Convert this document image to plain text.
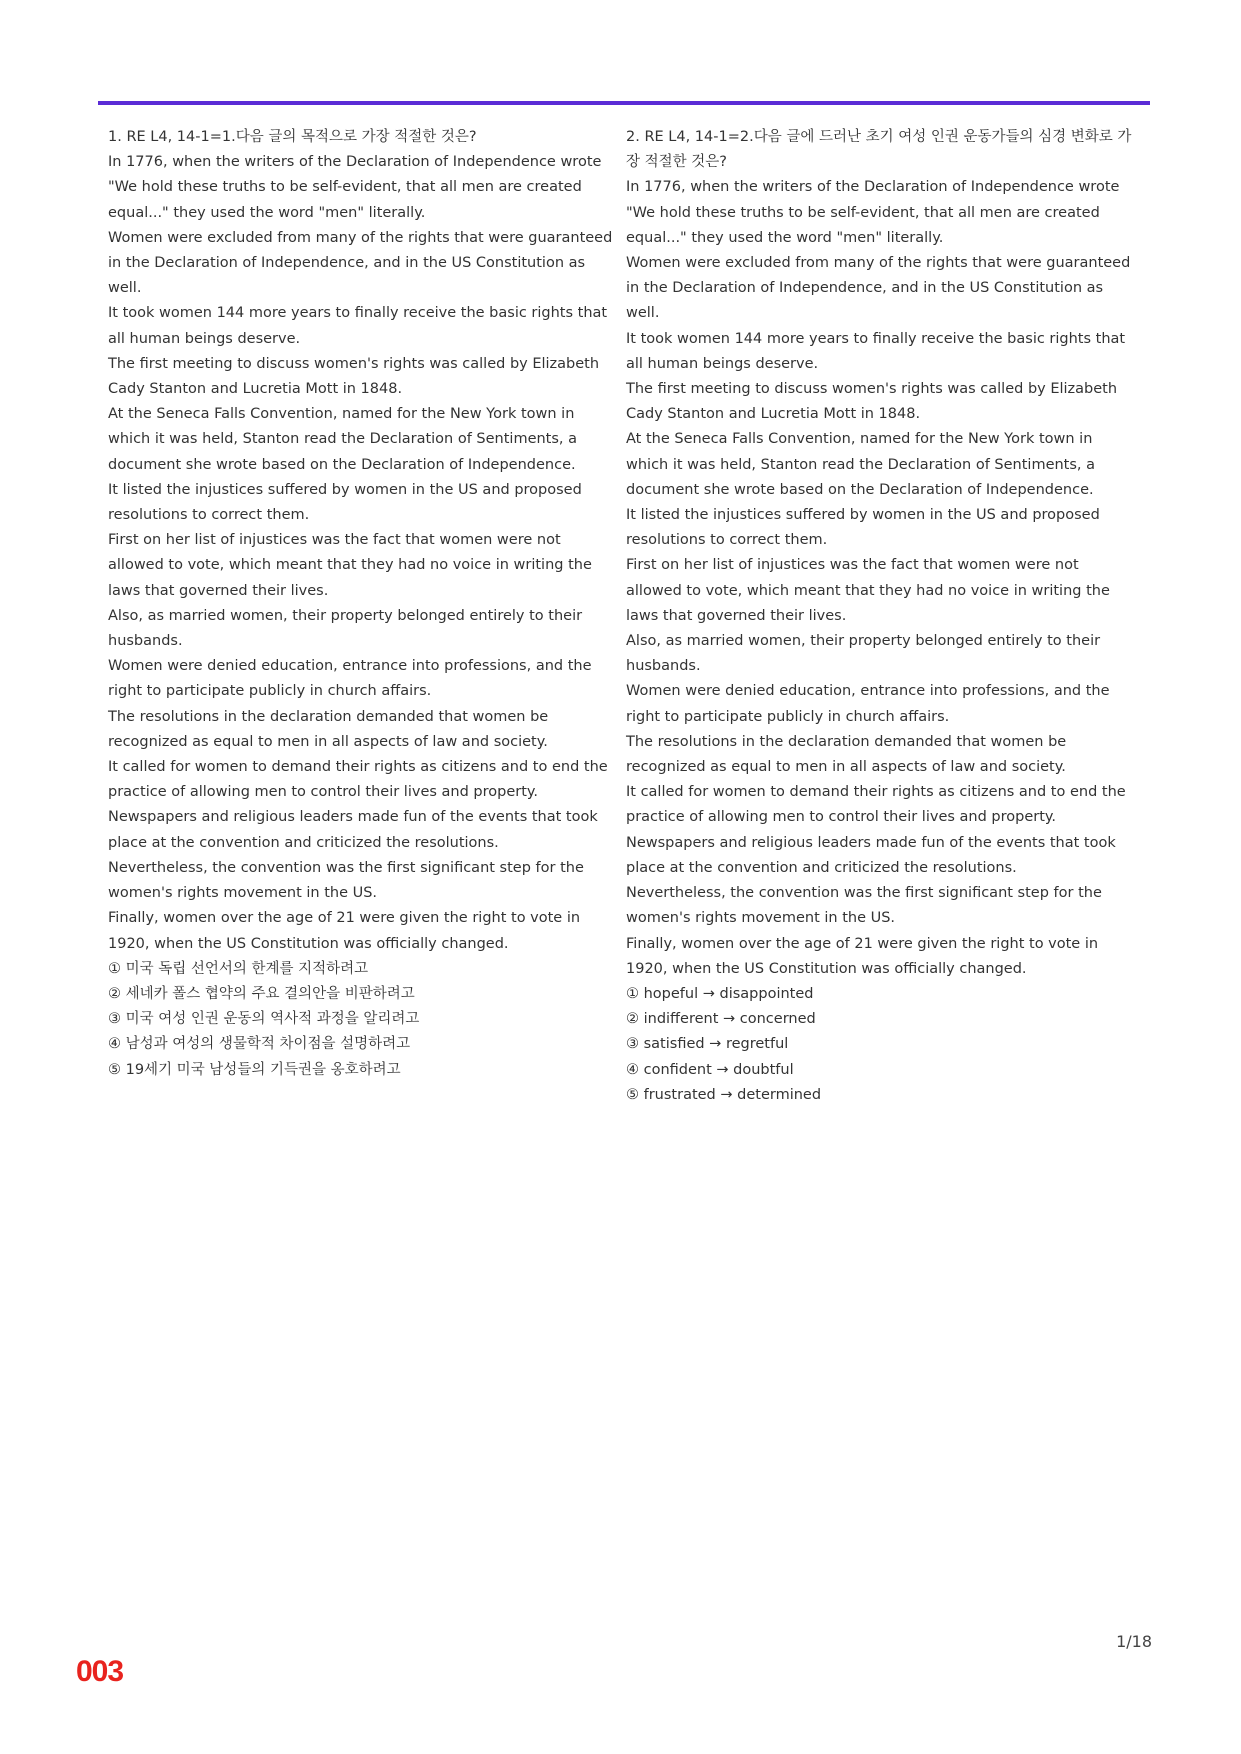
1. RE L4, 14-1=1.다음 글의 목적으로 가장 적절한 것은?

In 1776, when the writers of the Declaration of Independence wrote "We hold these truths to be self-evident, that all men are created equal..." they used the word "men" literally.

Women were excluded from many of the rights that were guaranteed in the Declaration of Independence, and in the US Constitution as well.

It took women 144 more years to finally receive the basic rights that all human beings deserve.

The first meeting to discuss women's rights was called by Elizabeth Cady Stanton and Lucretia Mott in 1848.

At the Seneca Falls Convention, named for the New York town in which it was held, Stanton read the Declaration of Sentiments, a document she wrote based on the Declaration of Independence.

It listed the injustices suffered by women in the US and proposed resolutions to correct them.

First on her list of injustices was the fact that women were not allowed to vote, which meant that they had no voice in writing the laws that governed their lives.

Also, as married women, their property belonged entirely to their husbands.

Women were denied education, entrance into professions, and the right to participate publicly in church affairs.

The resolutions in the declaration demanded that women be recognized as equal to men in all aspects of law and society.

It called for women to demand their rights as citizens and to end the practice of allowing men to control their lives and property.

Newspapers and religious leaders made fun of the events that took place at the convention and criticized the resolutions.

Nevertheless, the convention was the first significant step for the women's rights movement in the US.

Finally, women over the age of 21 were given the right to vote in 1920, when the US Constitution was officially changed.

① 미국 독립 선언서의 한계를 지적하려고

② 세네카 폴스 협약의 주요 결의안을 비판하려고

③ 미국 여성 인권 운동의 역사적 과정을 알리려고

④ 남성과 여성의 생물학적 차이점을 설명하려고

⑤ 19세기 미국 남성들의 기득권을 옹호하려고

2. RE L4, 14-1=2.다음 글에 드러난 초기 여성 인권 운동가들의 심경 변화로 가장 적절한 것은?

In 1776, when the writers of the Declaration of Independence wrote "We hold these truths to be self-evident, that all men are created equal..." they used the word "men" literally.

Women were excluded from many of the rights that were guaranteed in the Declaration of Independence, and in the US Constitution as well.

It took women 144 more years to finally receive the basic rights that all human beings deserve.

The first meeting to discuss women's rights was called by Elizabeth Cady Stanton and Lucretia Mott in 1848.

At the Seneca Falls Convention, named for the New York town in which it was held, Stanton read the Declaration of Sentiments, a document she wrote based on the Declaration of Independence.

It listed the injustices suffered by women in the US and proposed resolutions to correct them.

First on her list of injustices was the fact that women were not allowed to vote, which meant that they had no voice in writing the laws that governed their lives.

Also, as married women, their property belonged entirely to their husbands.

Women were denied education, entrance into professions, and the right to participate publicly in church affairs.

The resolutions in the declaration demanded that women be recognized as equal to men in all aspects of law and society.

It called for women to demand their rights as citizens and to end the practice of allowing men to control their lives and property.

Newspapers and religious leaders made fun of the events that took place at the convention and criticized the resolutions.

Nevertheless, the convention was the first significant step for the women's rights movement in the US.

Finally, women over the age of 21 were given the right to vote in 1920, when the US Constitution was officially changed.

① hopeful → disappointed

② indifferent → concerned

③ satisfied → regretful

④ confident → doubtful

⑤ frustrated → determined

1/18
003
